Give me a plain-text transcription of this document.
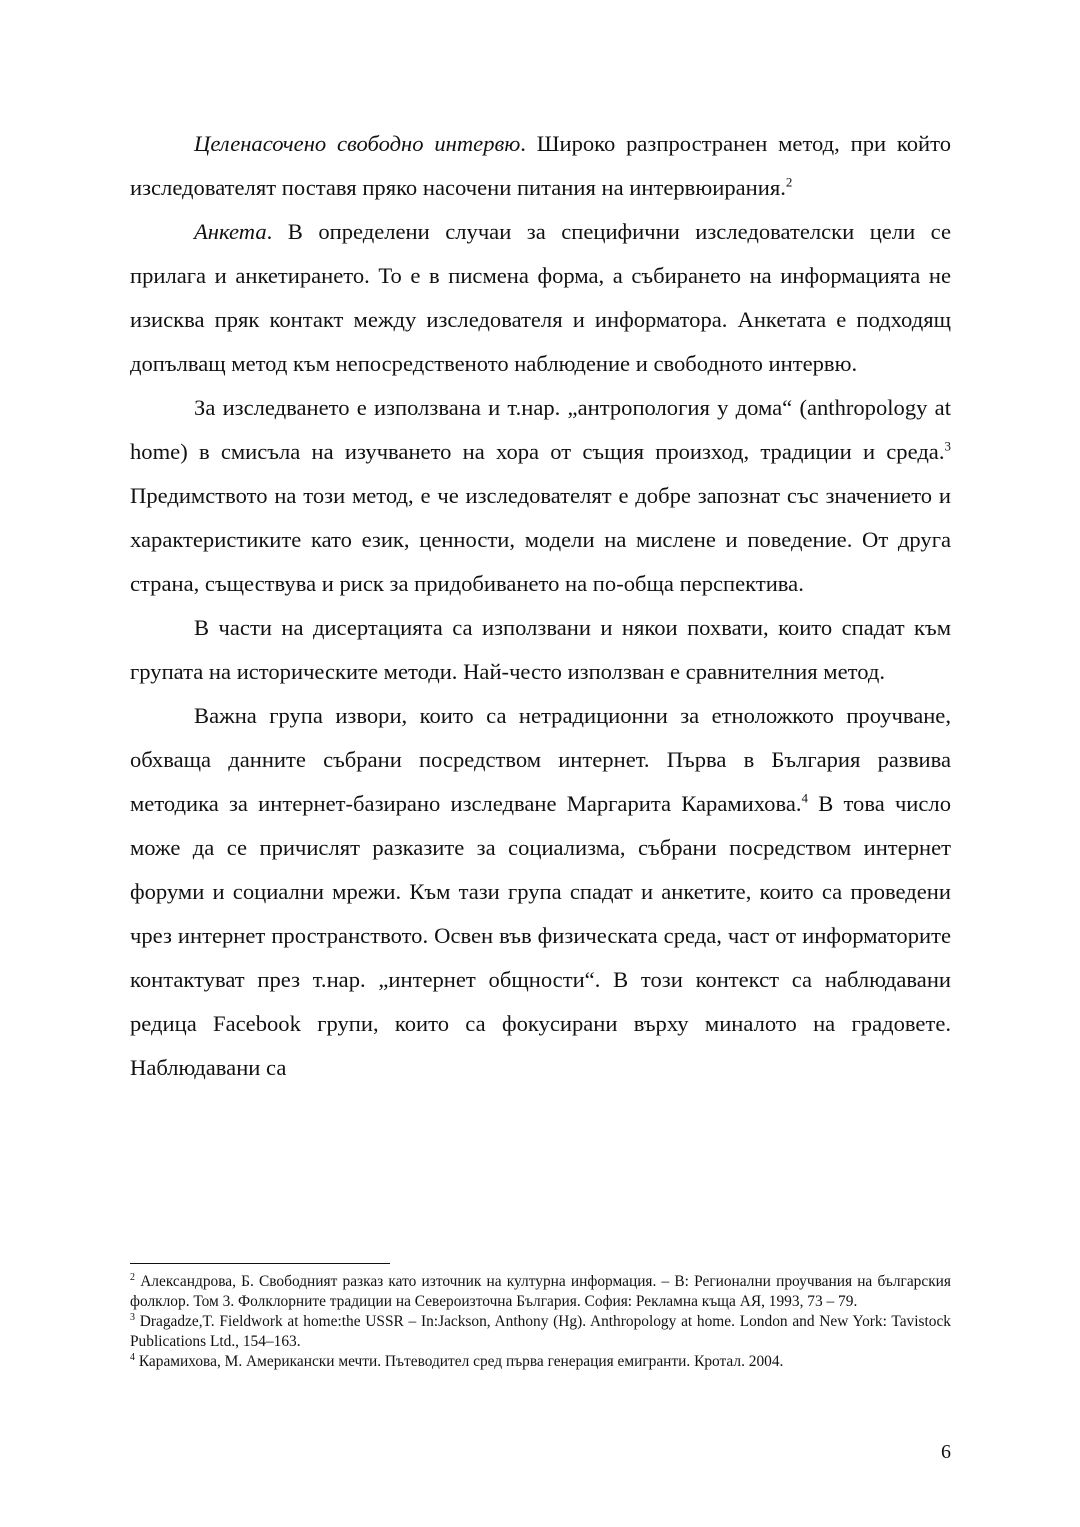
Целенасочено свободно интервю. Широко разпространен метод, при който изследователят поставя пряко насочени питания на интервюирания.$^2$

Анкета. В определени случаи за специфични изследователски цели се прилага и анкетирането. То е в писмена форма, а събирането на информацията не изисква пряк контакт между изследователя и информатора. Анкетата е подходящ допълващ метод към непосредственото наблюдение и свободното интервю.

За изследването е използвана и т.нар. „антропология у дома“ (anthropology at home) в смисъла на изучването на хора от същия произход, традиции и среда.$^3$ Предимството на този метод, е че изследователят е добре запознат със значението и характеристиките като език, ценности, модели на мислене и поведение. От друга страна, съществува и риск за придобиването на по-обща перспектива.

В части на дисертацията са използвани и някои похвати, които спадат към групата на историческите методи. Най-често използван е сравнителния метод.

Важна група извори, които са нетрадиционни за етноложкото проучване, обхваща данните събрани посредством интернет. Първа в България развива методика за интернет-базирано изследване Маргарита Карамихова.$^4$ В това число може да се причислят разказите за социализма, събрани посредством интернет форуми и социални мрежи. Към тази група спадат и анкетите, които са проведени чрез интернет пространството. Освен във физическата среда, част от информаторите контактуват през т.нар. „интернет общности“. В този контекст са наблюдавани редица Facebook групи, които са фокусирани върху миналото на градовете. Наблюдавани са

$^2$ Александрова, Б. Свободният разказ като източник на културна информация. – В: Регионални проучвания на българския фолклор. Том 3. Фолклорните традиции на Североизточна България. София: Рекламна къща АЯ, 1993, 73 – 79.

$^3$ Dragadze,T. Fieldwork at home:the USSR – In:Jackson, Anthony (Hg). Anthropology at home. London and New York: Tavistock Publications Ltd., 154–163.

$^4$ Карамихова, М. Американски мечти. Пътеводител сред първа генерация емигранти. Кротал. 2004.

6
